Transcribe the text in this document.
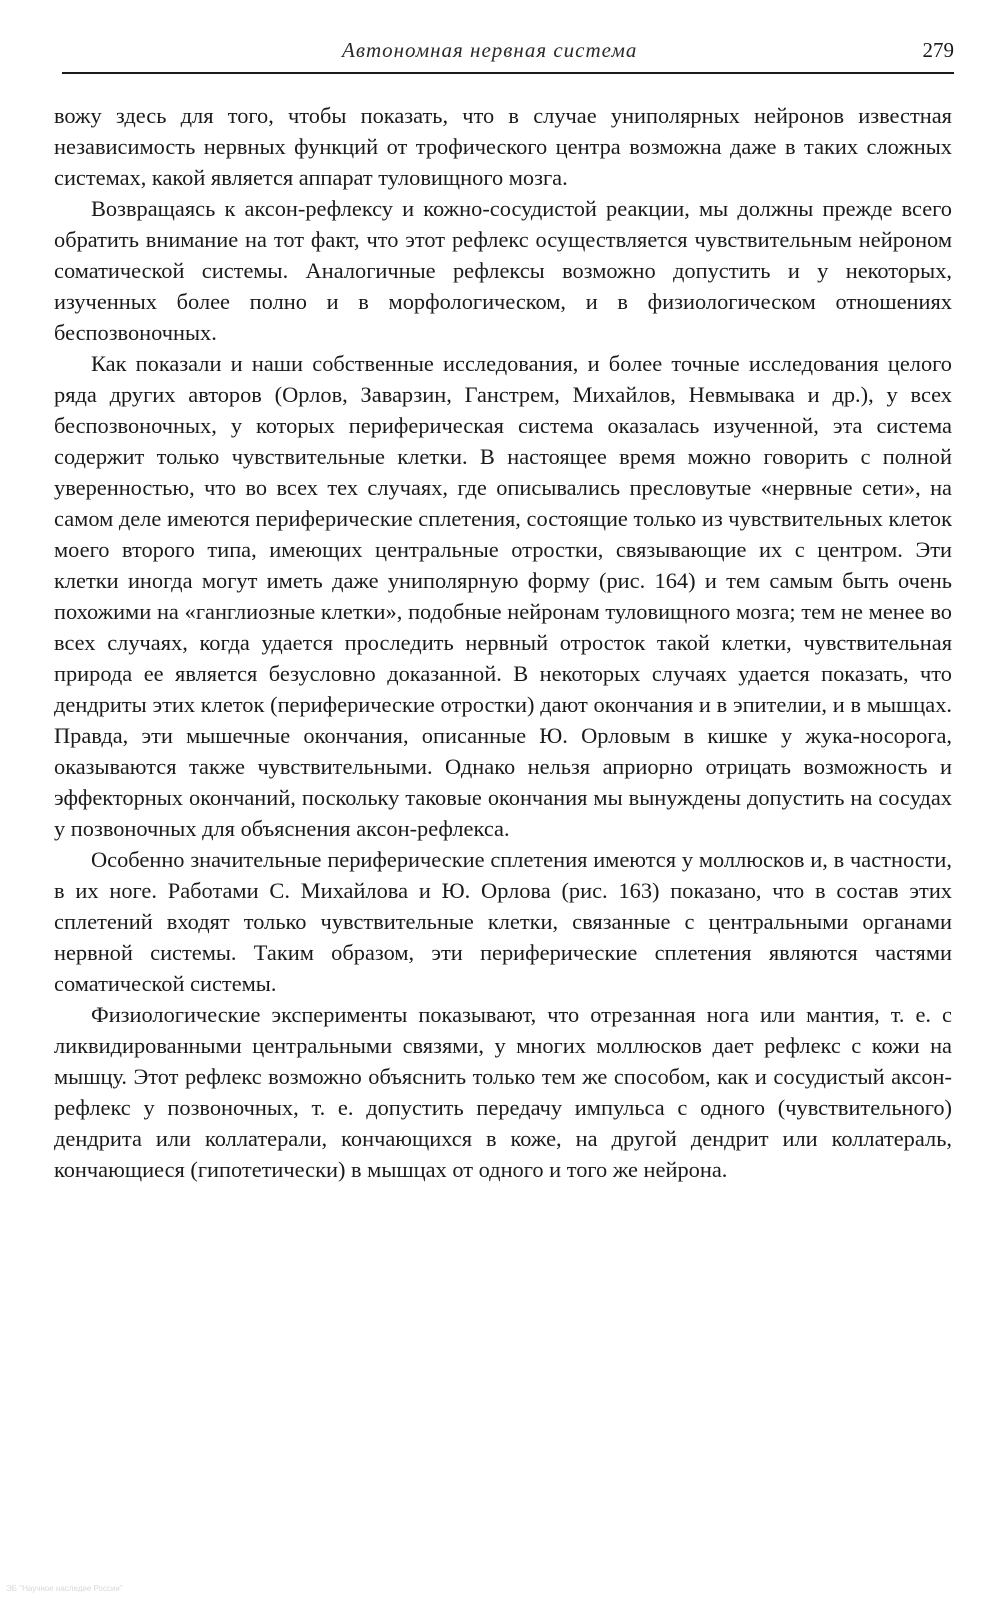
Автономная нервная система	279

вожу здесь для того, чтобы показать, что в случае униполярных нейронов известная независимость нервных функций от трофического центра возможна даже в таких сложных системах, какой является аппарат туловищного мозга.

Возвращаясь к аксон-рефлексу и кожно-сосудистой реакции, мы должны прежде всего обратить внимание на тот факт, что этот рефлекс осуществляется чувствительным нейроном соматической системы. Аналогичные рефлексы возможно допустить и у некоторых, изученных более полно и в морфологическом, и в физиологическом отношениях беспозвоночных.

Как показали и наши собственные исследования, и более точные исследования целого ряда других авторов (Орлов, Заварзин, Ганстрем, Михайлов, Невмывака и др.), у всех беспозвоночных, у которых периферическая система оказалась изученной, эта система содержит только чувствительные клетки. В настоящее время можно говорить с полной уверенностью, что во всех тех случаях, где описывались пресловутые «нервные сети», на самом деле имеются периферические сплетения, состоящие только из чувствительных клеток моего второго типа, имеющих центральные отростки, связывающие их с центром. Эти клетки иногда могут иметь даже униполярную форму (рис. 164) и тем самым быть очень похожими на «ганглиозные клетки», подобные нейронам туловищного мозга; тем не менее во всех случаях, когда удается проследить нервный отросток такой клетки, чувствительная природа ее является безусловно доказанной. В некоторых случаях удается показать, что дендриты этих клеток (периферические отростки) дают окончания и в эпителии, и в мышцах. Правда, эти мышечные окончания, описанные Ю. Орловым в кишке у жука-носорога, оказываются также чувствительными. Однако нельзя априорно отрицать возможность и эффекторных окончаний, поскольку таковые окончания мы вынуждены допустить на сосудах у позвоночных для объяснения аксон-рефлекса.

Особенно значительные периферические сплетения имеются у моллюсков и, в частности, в их ноге. Работами С. Михайлова и Ю. Орлова (рис. 163) показано, что в состав этих сплетений входят только чувствительные клетки, связанные с центральными органами нервной системы. Таким образом, эти периферические сплетения являются частями соматической системы.

Физиологические эксперименты показывают, что отрезанная нога или мантия, т. е. с ликвидированными центральными связями, у многих моллюсков дает рефлекс с кожи на мышцу. Этот рефлекс возможно объяснить только тем же способом, как и сосудистый аксон-рефлекс у позвоночных, т. е. допустить передачу импульса с одного (чувствительного) дендрита или коллатерали, кончающихся в коже, на другой дендрит или коллатераль, кончающиеся (гипотетически) в мышцах от одного и того же нейрона.

ЭБ "Научное наследие России"
